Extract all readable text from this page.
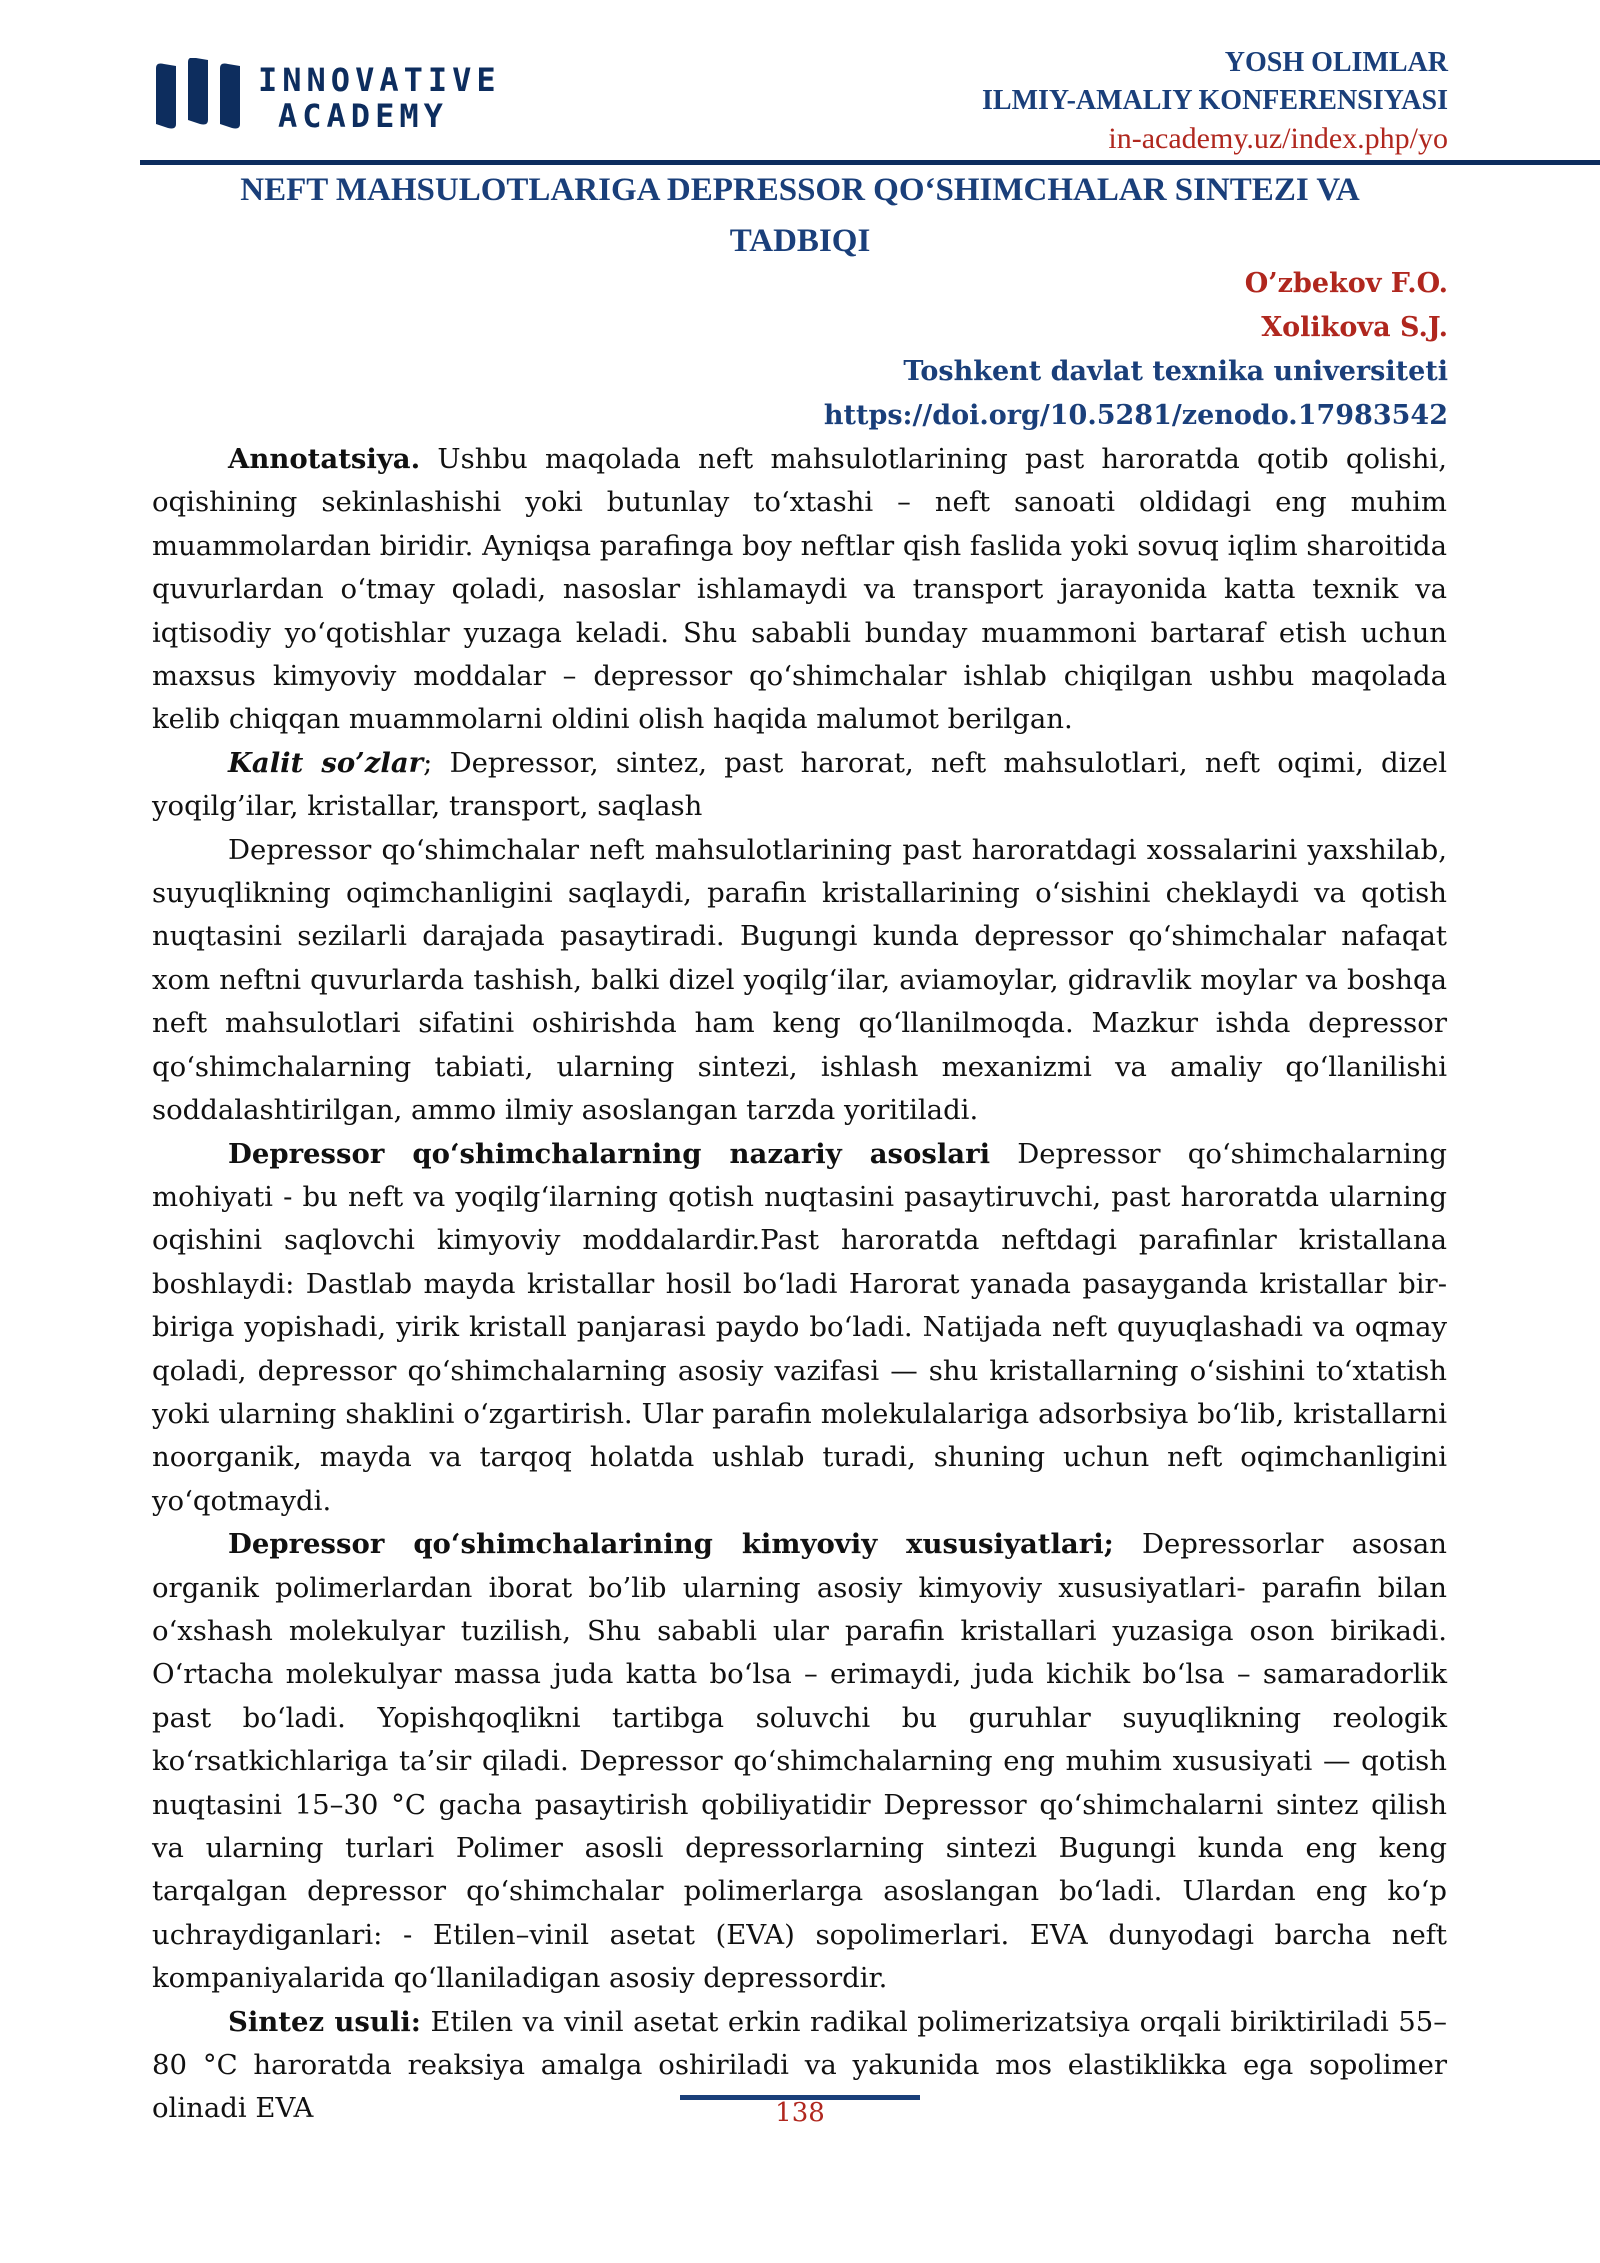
INNOVATIVE
ACADEMY
YOSH OLIMLAR
ILMIY-AMALIY KONFERENSIYASI
in-academy.uz/index.php/yo
NEFT MAHSULOTLARIGA DEPRESSOR QO‘SHIMCHALAR SINTEZI VA
TADBIQI
O’zbekov F.O.
Xolikova S.J.
Toshkent davlat texnika universiteti
https://doi.org/10.5281/zenodo.17983542

Annotatsiya. Ushbu maqolada neft mahsulotlarining past haroratda qotib qolishi, oqishining sekinlashishi yoki butunlay to‘xtashi – neft sanoati oldidagi eng muhim muammolardan biridir. Ayniqsa parafinga boy neftlar qish faslida yoki sovuq iqlim sharoitida quvurlardan o‘tmay qoladi, nasoslar ishlamaydi va transport jarayonida katta texnik va iqtisodiy yo‘qotishlar yuzaga keladi. Shu sababli bunday muammoni bartaraf etish uchun maxsus kimyoviy moddalar – depressor qo‘shimchalar ishlab chiqilgan ushbu maqolada kelib chiqqan muammolarni oldini olish haqida malumot berilgan.

Kalit so’zlar; Depressor, sintez, past harorat, neft mahsulotlari, neft oqimi, dizel yoqilg’ilar, kristallar, transport, saqlash

Depressor qo‘shimchalar neft mahsulotlarining past haroratdagi xossalarini yaxshilab, suyuqlikning oqimchanligini saqlaydi, parafin kristallarining o‘sishini cheklaydi va qotish nuqtasini sezilarli darajada pasaytiradi. Bugungi kunda depressor qo‘shimchalar nafaqat xom neftni quvurlarda tashish, balki dizel yoqilg‘ilar, aviamoylar, gidravlik moylar va boshqa neft mahsulotlari sifatini oshirishda ham keng qo‘llanilmoqda. Mazkur ishda depressor qo‘shimchalarning tabiati, ularning sintezi, ishlash mexanizmi va amaliy qo‘llanilishi soddalashtirilgan, ammo ilmiy asoslangan tarzda yoritiladi.

Depressor qo‘shimchalarning nazariy asoslari Depressor qo‘shimchalarning mohiyati - bu neft va yoqilg‘ilarning qotish nuqtasini pasaytiruvchi, past haroratda ularning oqishini saqlovchi kimyoviy moddalardir.Past haroratda neftdagi parafinlar kristallana boshlaydi: Dastlab mayda kristallar hosil bo‘ladi Harorat yanada pasayganda kristallar bir-biriga yopishadi, yirik kristall panjarasi paydo bo‘ladi. Natijada neft quyuqlashadi va oqmay qoladi, depressor qo‘shimchalarning asosiy vazifasi — shu kristallarning o‘sishini to‘xtatish yoki ularning shaklini o‘zgartirish. Ular parafin molekulalariga adsorbsiya bo‘lib, kristallarni noorganik, mayda va tarqoq holatda ushlab turadi, shuning uchun neft oqimchanligini yo‘qotmaydi.

Depressor qo‘shimchalarining kimyoviy xususiyatlari; Depressorlar asosan organik polimerlardan iborat bo’lib ularning asosiy kimyoviy xususiyatlari- parafin bilan o‘xshash molekulyar tuzilish, Shu sababli ular parafin kristallari yuzasiga oson birikadi. O‘rtacha molekulyar massa juda katta bo‘lsa – erimaydi, juda kichik bo‘lsa – samaradorlik past bo‘ladi. Yopishqoqlikni tartibga soluvchi bu guruhlar suyuqlikning reologik ko‘rsatkichlariga ta’sir qiladi. Depressor qo‘shimchalarning eng muhim xususiyati — qotish nuqtasini 15–30 °C gacha pasaytirish qobiliyatidir Depressor qo‘shimchalarni sintez qilish va ularning turlari Polimer asosli depressorlarning sintezi Bugungi kunda eng keng tarqalgan depressor qo‘shimchalar polimerlarga asoslangan bo‘ladi. Ulardan eng ko‘p uchraydiganlari: - Etilen–vinil asetat (EVA) sopolimerlari. EVA dunyodagi barcha neft kompaniyalarida qo‘llaniladigan asosiy depressordir.

Sintez usuli: Etilen va vinil asetat erkin radikal polimerizatsiya orqali biriktiriladi 55–80 °C haroratda reaksiya amalga oshiriladi va yakunida mos elastiklikka ega sopolimer olinadi EVA	138
